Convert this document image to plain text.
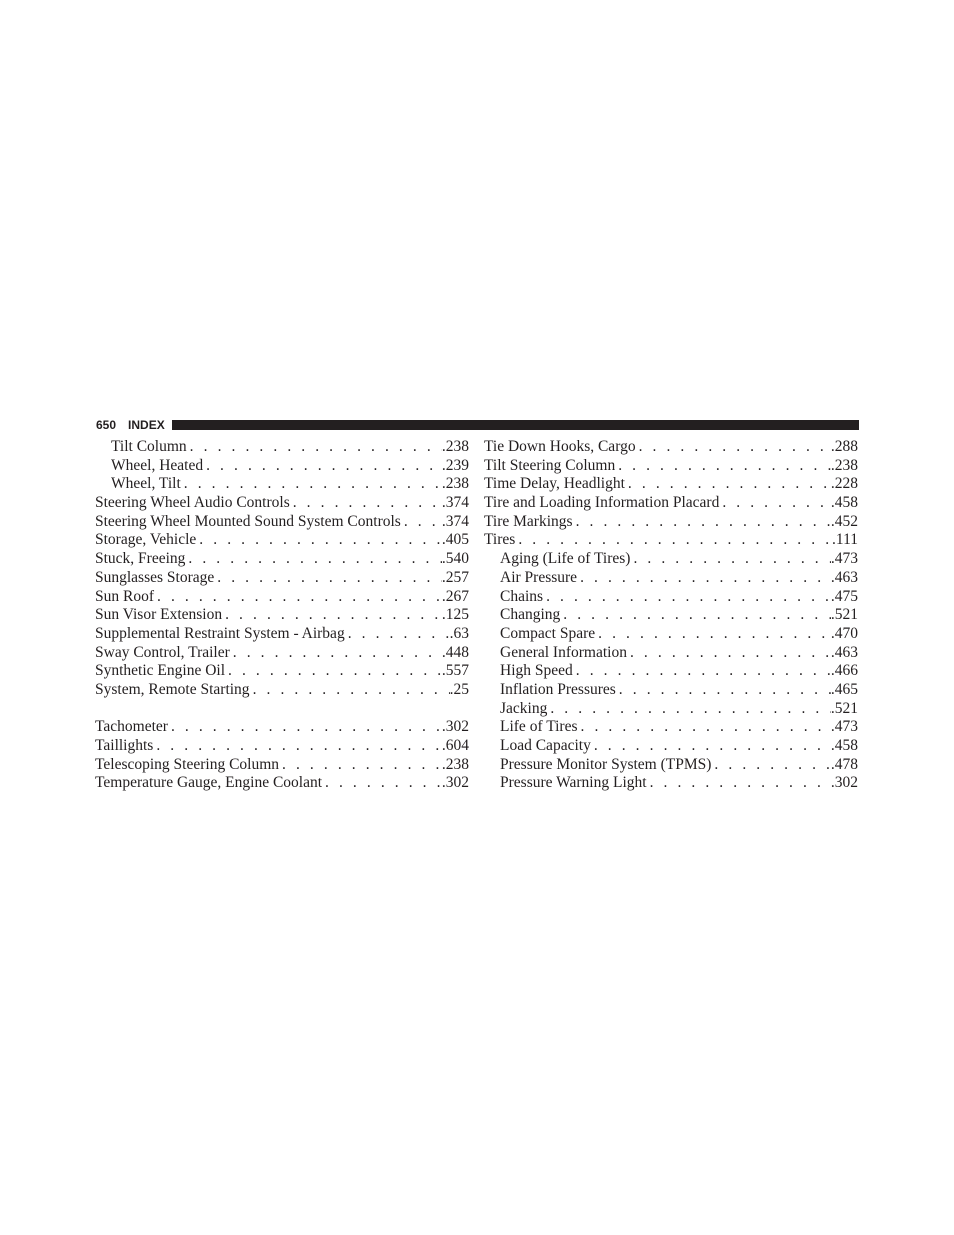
650 INDEX
Tilt Column . . .	.238
Wheel, Heated . . .	.239
Wheel, Tilt . . .	.238
Steering Wheel Audio Controls . . .	.374
Steering Wheel Mounted Sound System Controls . . .	.374
Storage, Vehicle . . .	.405
Stuck, Freeing . . .	.540
Sunglasses Storage . . .	.257
Sun Roof . . .	.267
Sun Visor Extension . . .	.125
Supplemental Restraint System - Airbag . . .	.63
Sway Control, Trailer . . .	.448
Synthetic Engine Oil . . .	.557
System, Remote Starting . . .	.25
Tachometer . . .	.302
Taillights . . .	.604
Telescoping Steering Column . . .	.238
Temperature Gauge, Engine Coolant . . .	.302
Tie Down Hooks, Cargo . . .	.288
Tilt Steering Column . . .	.238
Time Delay, Headlight . . .	.228
Tire and Loading Information Placard . . .	.458
Tire Markings . . .	.452
Tires . . .	.111
Aging (Life of Tires) . . .	.473
Air Pressure . . .	.463
Chains . . .	.475
Changing . . .	.521
Compact Spare . . .	.470
General Information . . .	.463
High Speed . . .	.466
Inflation Pressures . . .	.465
Jacking . . .	.521
Life of Tires . . .	.473
Load Capacity . . .	.458
Pressure Monitor System (TPMS) . . .	.478
Pressure Warning Light . . .	.302
